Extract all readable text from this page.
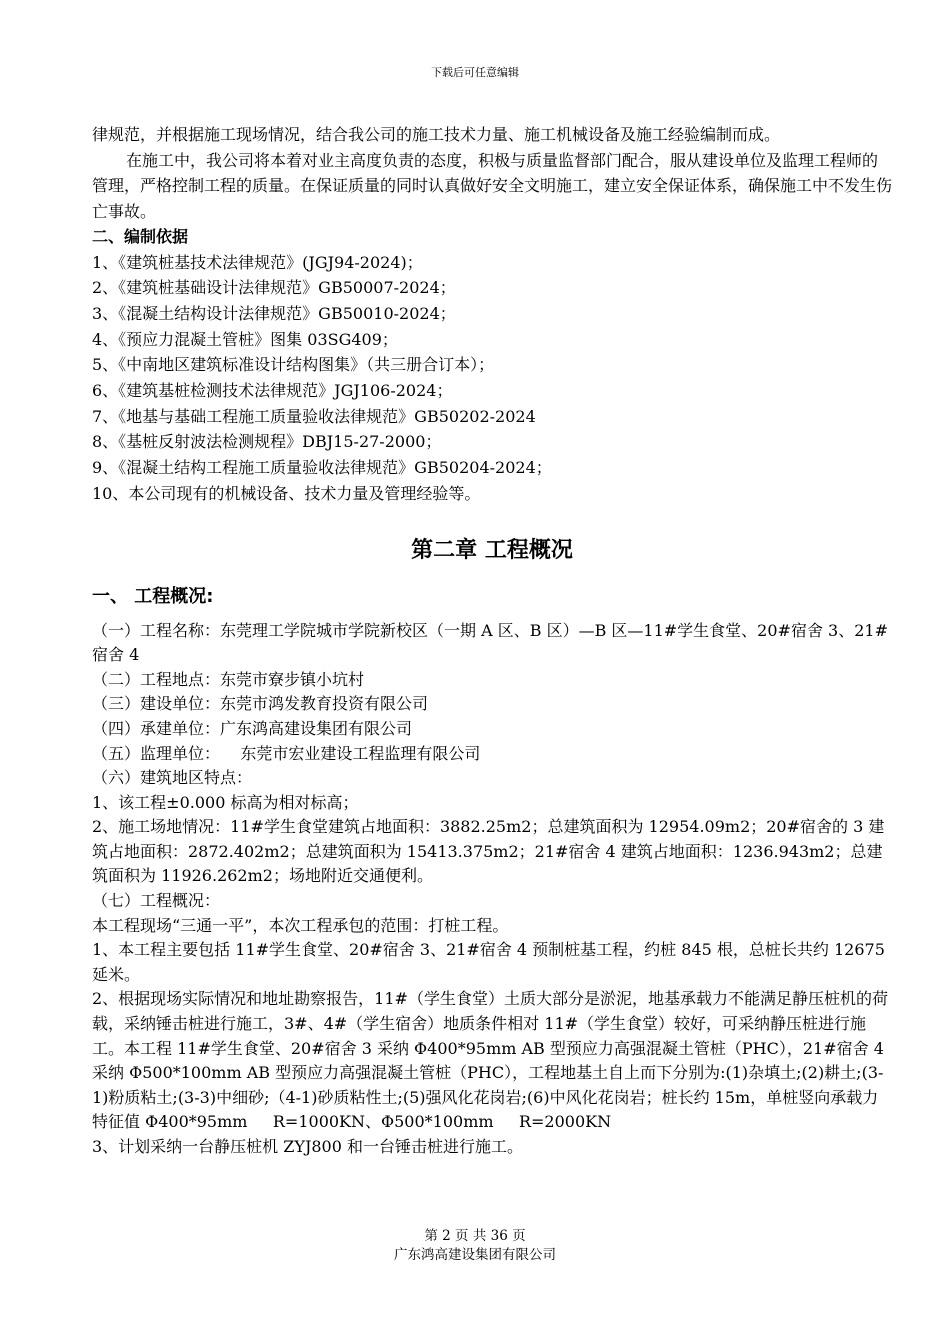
下载后可任意编辑

律规范，并根据施工现场情况，结合我公司的施工技术力量、施工机械设备及施工经验编制而成。

在施工中，我公司将本着对业主高度负责的态度，积极与质量监督部门配合，服从建设单位及监理工程师的管理，严格控制工程的质量。在保证质量的同时认真做好安全文明施工，建立安全保证体系，确保施工中不发生伤亡事故。

二、编制依据

1、《建筑桩基技术法律规范》(JGJ94-2024)；

2、《建筑桩基础设计法律规范》GB50007-2024；

3、《混凝土结构设计法律规范》GB50010-2024；

4、《预应力混凝土管桩》图集 03SG409；

5、《中南地区建筑标准设计结构图集》（共三册合订本）；

6、《建筑基桩检测技术法律规范》JGJ106-2024；

7、《地基与基础工程施工质量验收法律规范》GB50202-2024

8、《基桩反射波法检测规程》DBJ15-27-2000；

9、《混凝土结构工程施工质量验收法律规范》GB50204-2024；

10、本公司现有的机械设备、技术力量及管理经验等。

第二章 工程概况
一、 工程概况:

（一）工程名称：东莞理工学院城市学院新校区（一期 A 区、B 区）—B 区—11#学生食堂、20#宿舍 3、21#宿舍 4

（二）工程地点：东莞市寮步镇小坑村

（三）建设单位：东莞市鸿发教育投资有限公司

（四）承建单位：广东鸿高建设集团有限公司

（五）监理单位：    东莞市宏业建设工程监理有限公司

（六）建筑地区特点：

1、该工程±0.000 标高为相对标高；

2、施工场地情况：11#学生食堂建筑占地面积：3882.25m2；总建筑面积为 12954.09m2；20#宿舍的 3 建筑占地面积：2872.402m2；总建筑面积为 15413.375m2；21#宿舍 4 建筑占地面积：1236.943m2；总建筑面积为 11926.262m2；场地附近交通便利。

（七）工程概况：

本工程现场“三通一平”，本次工程承包的范围：打桩工程。

1、本工程主要包括 11#学生食堂、20#宿舍 3、21#宿舍 4 预制桩基工程，约桩 845 根，总桩长共约 12675 延米。

2、根据现场实际情况和地址勘察报告，11#（学生食堂）土质大部分是淤泥，地基承载力不能满足静压桩机的荷载，采纳锤击桩进行施工，3#、4#（学生宿舍）地质条件相对 11#（学生食堂）较好，可采纳静压桩进行施工。本工程 11#学生食堂、20#宿舍 3 采纳 Φ400*95mm AB 型预应力高强混凝土管桩（PHC），21#宿舍 4 采纳 Φ500*100mm AB 型预应力高强混凝土管桩（PHC），工程地基土自上而下分别为:(1)杂填土;(2)耕土;(3-1)粉质粘土;(3-3)中细砂;（4-1)砂质粘性土;(5)强风化花岗岩;(6)中风化花岗岩；桩长约 15m，单桩竖向承载力特征值 Φ400*95mm     R=1000KN、Φ500*100mm     R=2000KN

3、计划采纳一台静压桩机 ZYJ800 和一台锤击桩进行施工。

第 2 页 共 36 页
广东鸿高建设集团有限公司
